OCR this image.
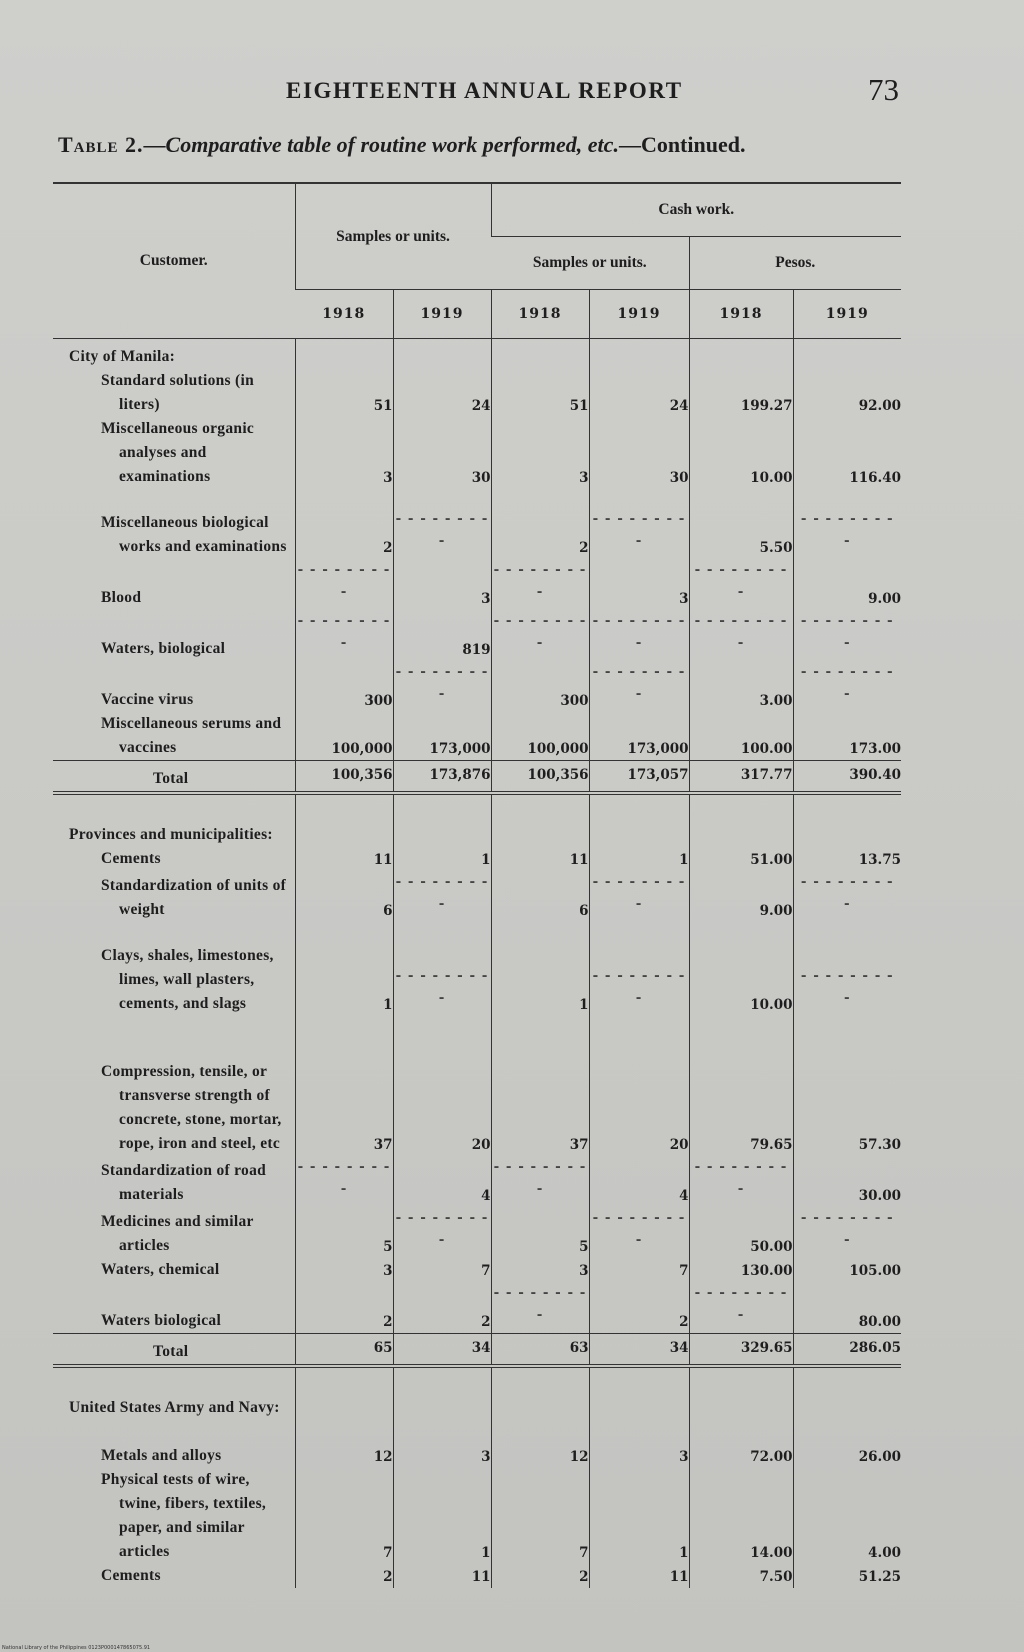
EIGHTEENTH ANNUAL REPORT	73
Table 2.—Comparative table of routine work performed, etc.—Continued.
Customer.	Samples or units.		Cash work.			
			Samples or units.		Pesos.	
	1918	1919	1918	1919	1918	1919
City of Manila:						
Standard solutions (in liters)	51	24	51	24	199.27	92.00
Miscellaneous organic analyses and examinations	3	30	3	30	10.00	116.40
Miscellaneous biological works and examinations	2	- - - - - - - - -	2	- - - - - - - - -	5.50	- - - - - - - - -
Blood	- - - - - - - - -	3	- - - - - - - - -	3	- - - - - - - - -	9.00
Waters, biological	- - - - - - - - -	819	- - - - - - - - -	- - - - - - - - -	- - - - - - - - -	- - - - - - - - -
Vaccine virus	300	- - - - - - - - -	300	- - - - - - - - -	3.00	- - - - - - - - -
Miscellaneous serums and vaccines	100,000	173,000	100,000	173,000	100.00	173.00
Total	100,356	173,876	100,356	173,057	317.77	390.40
Provinces and municipalities:						
Cements	11	1	11	1	51.00	13.75
Standardization of units of weight	6	- - - - - - - - -	6	- - - - - - - - -	9.00	- - - - - - - - -
Clays, shales, limestones, limes, wall plasters, cements, and slags	1	- - - - - - - - -	1	- - - - - - - - -	10.00	- - - - - - - - -
Compression, tensile, or transverse strength of concrete, stone, mortar, rope, iron and steel, etc	37	20	37	20	79.65	57.30
Standardization of road materials	- - - - - - - - -	4	- - - - - - - - -	4	- - - - - - - - -	30.00
Medicines and similar articles	5	- - - - - - - - -	5	- - - - - - - - -	50.00	- - - - - - - - -
Waters, chemical	3	7	3	7	130.00	105.00
Waters biological	2	2	- - - - - - - - -	2	- - - - - - - - -	80.00
Total	65	34	63	34	329.65	286.05
United States Army and Navy:						
Metals and alloys	12	3	12	3	72.00	26.00
Physical tests of wire, twine, fibers, textiles, paper, and similar articles	7	1	7	1	14.00	4.00
Cements	2	11	2	11	7.50	51.25
National Library of the Philippines 0123P000147865075.91
